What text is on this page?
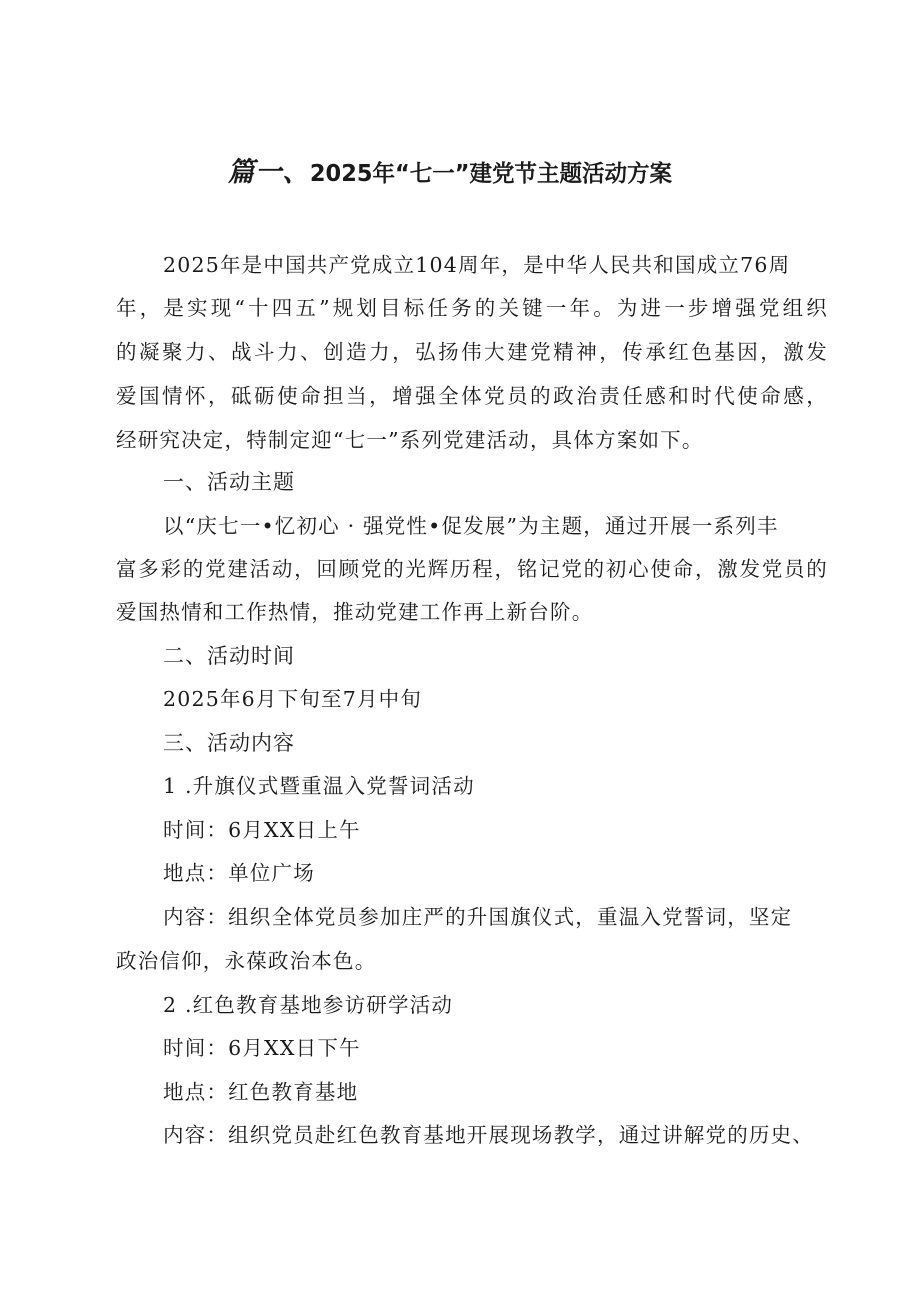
篇一、2025年“七一”建党节主题活动方案
2025年是中国共产党成立104周年，是中华人民共和国成立76周
年，是实现“十四五”规划目标任务的关键一年。为进一步增强党组织
的凝聚力、战斗力、创造力，弘扬伟大建党精神，传承红色基因，激发
爱国情怀，砥砺使命担当，增强全体党员的政治责任感和时代使命感，
经研究决定，特制定迎“七一”系列党建活动，具体方案如下。
一、活动主题
以“庆七一•忆初心 · 强党性•促发展”为主题，通过开展一系列丰
富多彩的党建活动，回顾党的光辉历程，铭记党的初心使命，激发党员的
爱国热情和工作热情，推动党建工作再上新台阶。
二、活动时间
2025年6月下旬至7月中旬
三、活动内容
1 .升旗仪式暨重温入党誓词活动
时间：6月XX日上午
地点：单位广场
内容：组织全体党员参加庄严的升国旗仪式，重温入党誓词，坚定
政治信仰，永葆政治本色。
2 .红色教育基地参访研学活动
时间：6月XX日下午
地点：红色教育基地
内容：组织党员赴红色教育基地开展现场教学，通过讲解党的历史、
